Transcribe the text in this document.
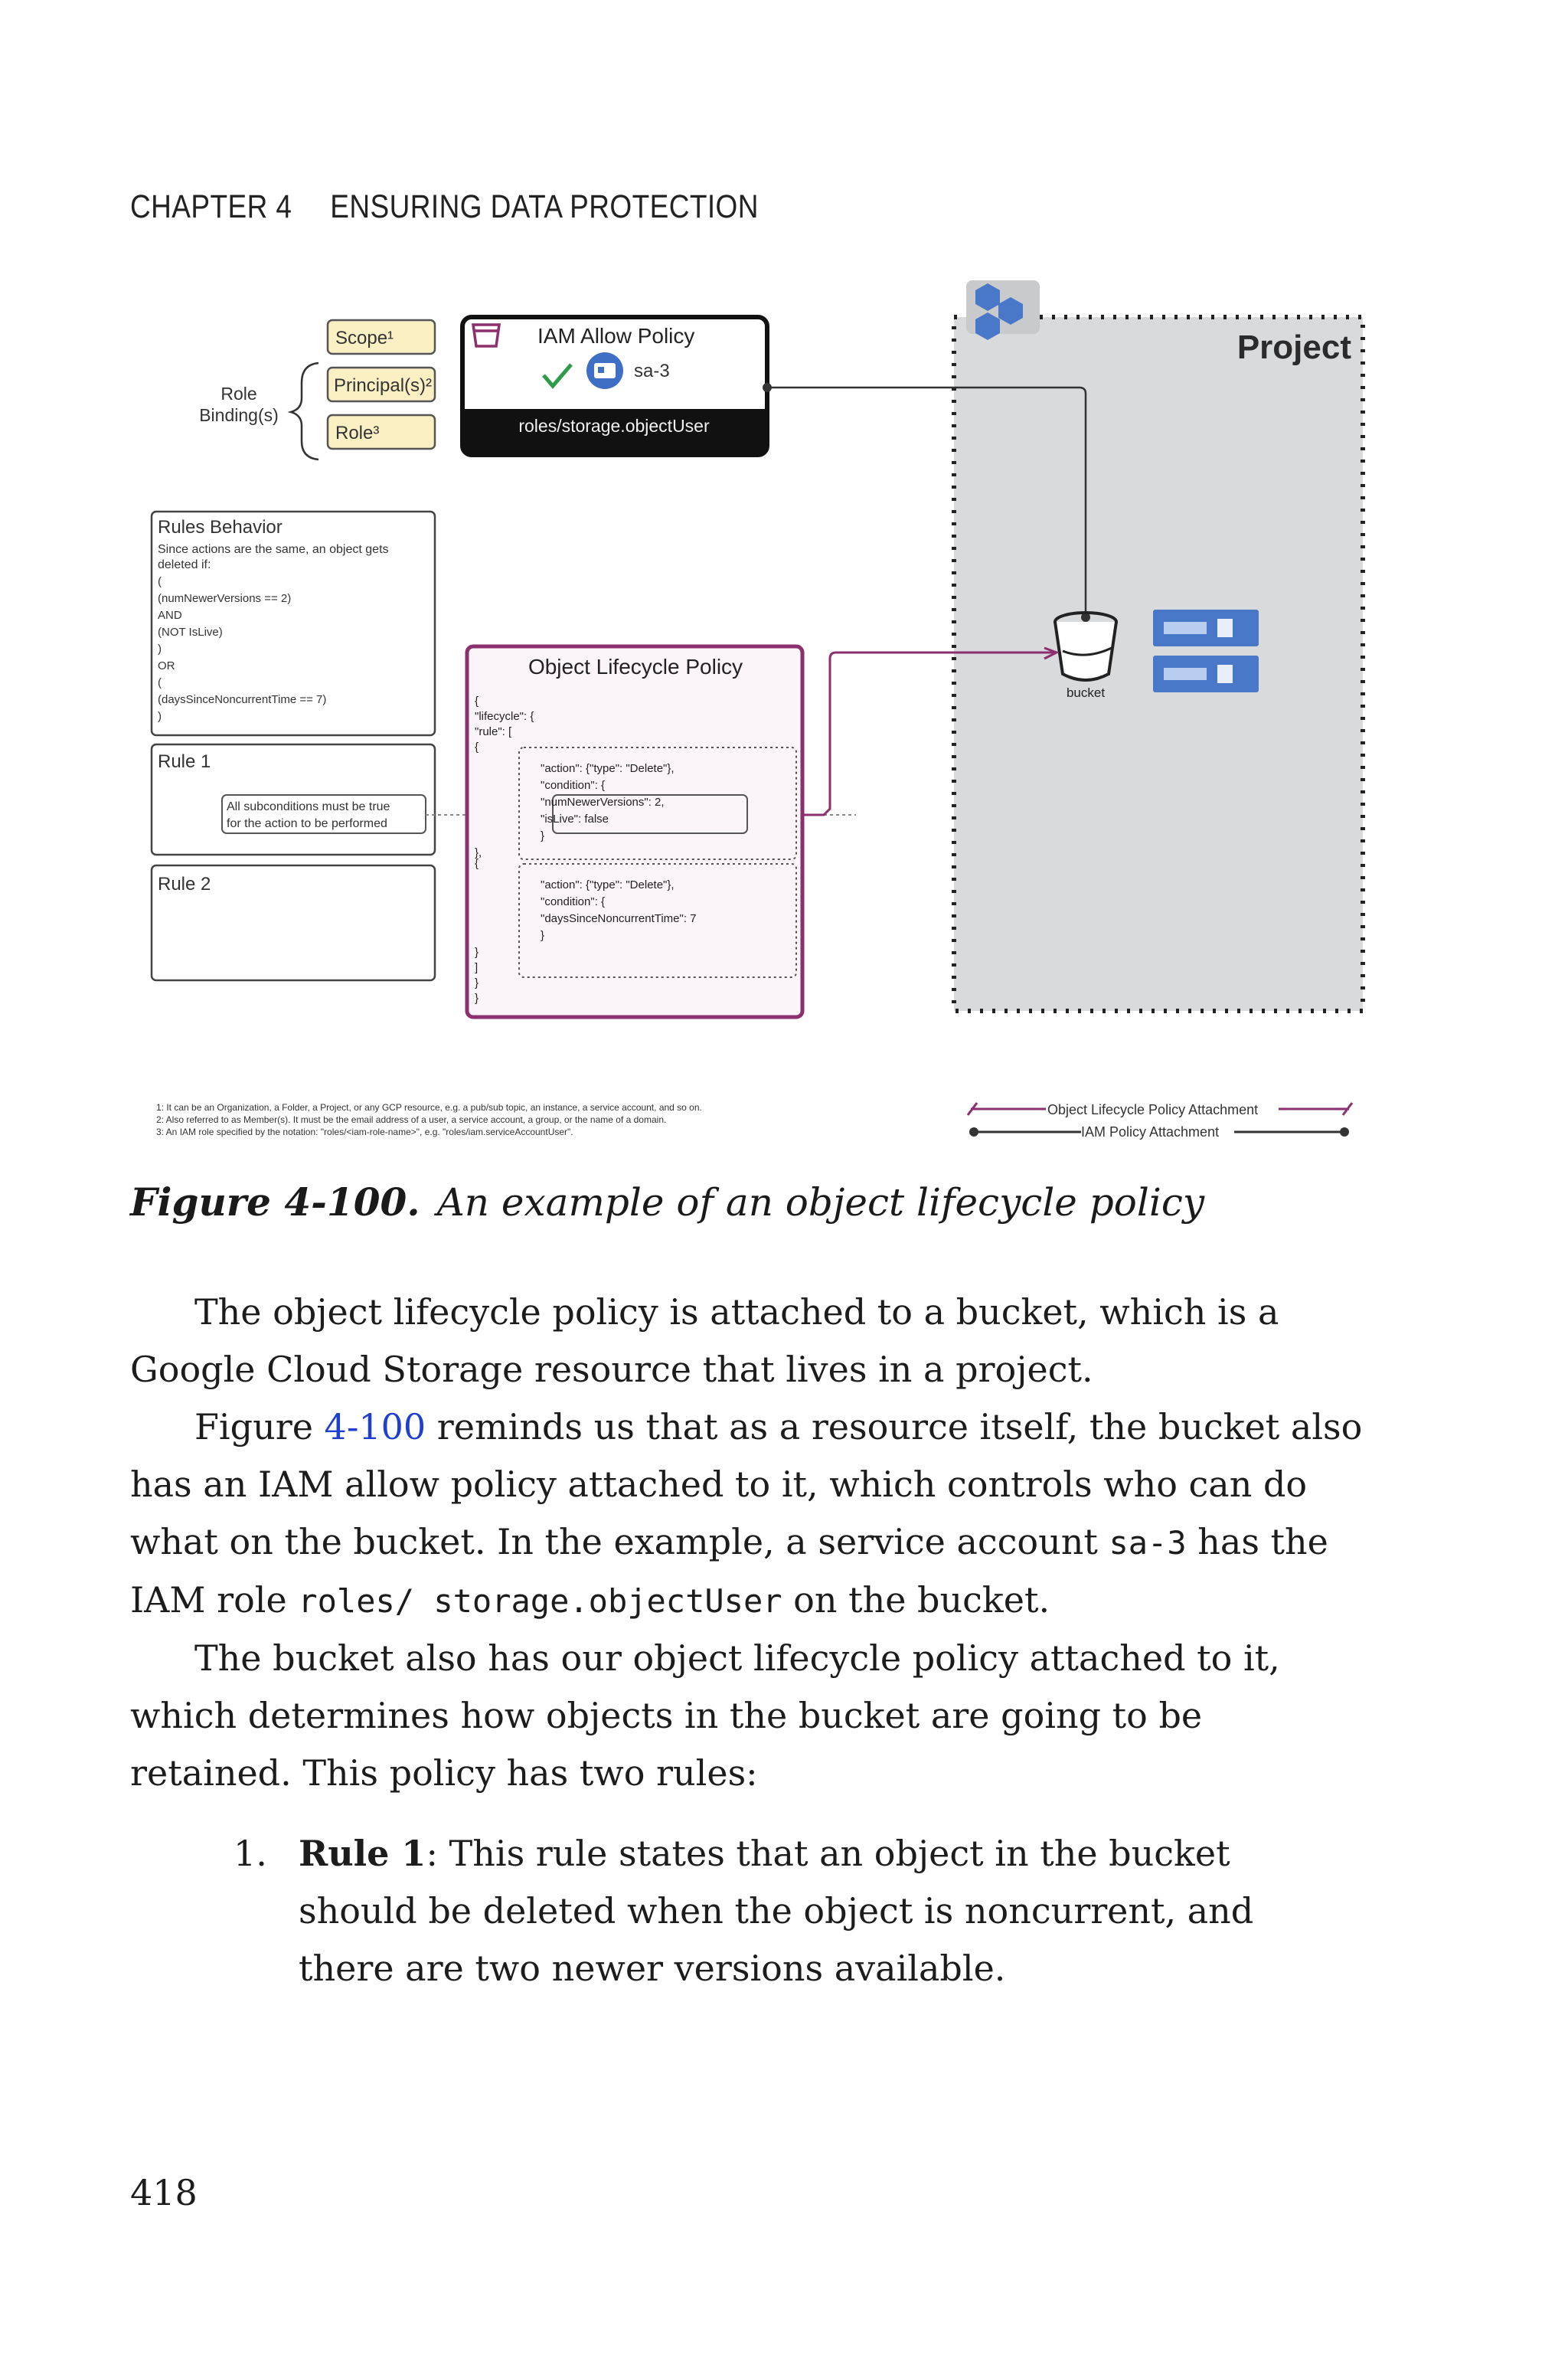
CHAPTER 4 ENSURING DATA PROTECTION
Project
Role
Binding(s)
Scope¹
Principal(s)²
Role³
IAM Allow Policy
sa-3
roles/storage.objectUser
bucket
Rules Behavior
Since actions are the same, an object gets
deleted if:
(
(numNewerVersions == 2)
AND
(NOT IsLive)
)
OR
(
(daysSinceNoncurrentTime == 7)
)
Rule 1
All subconditions must be true
for the action to be performed
Rule 2
Object Lifecycle Policy
{
"lifecycle": {
"rule": [
{
"action": {"type": "Delete"},
"condition": {
"numNewerVersions": 2,
"isLive": false
}
},
{
"action": {"type": "Delete"},
"condition": {
"daysSinceNoncurrentTime": 7
}
}
]
}
}
1: It can be an Organization, a Folder, a Project, or any GCP resource, e.g. a pub/sub topic, an instance, a service account, and so on.
2: Also referred to as Member(s). It must be the email address of a user, a service account, a group, or the name of a domain.
3: An IAM role specified by the notation: "roles/<iam-role-name>", e.g. "roles/iam.serviceAccountUser".
Object Lifecycle Policy Attachment
IAM Policy Attachment
Figure 4-100. An example of an object lifecycle policy

The object lifecycle policy is attached to a bucket, which is a Google Cloud Storage resource that lives in a project.

Figure 4-100 reminds us that as a resource itself, the bucket also has an IAM allow policy attached to it, which controls who can do what on the bucket. In the example, a service account sa-3 has the IAM role roles/ storage.objectUser on the bucket.

The bucket also has our object lifecycle policy attached to it, which determines how objects in the bucket are going to be retained. This policy has two rules:

1. Rule 1: This rule states that an object in the bucket should be deleted when the object is noncurrent, and there are two newer versions available.
418
